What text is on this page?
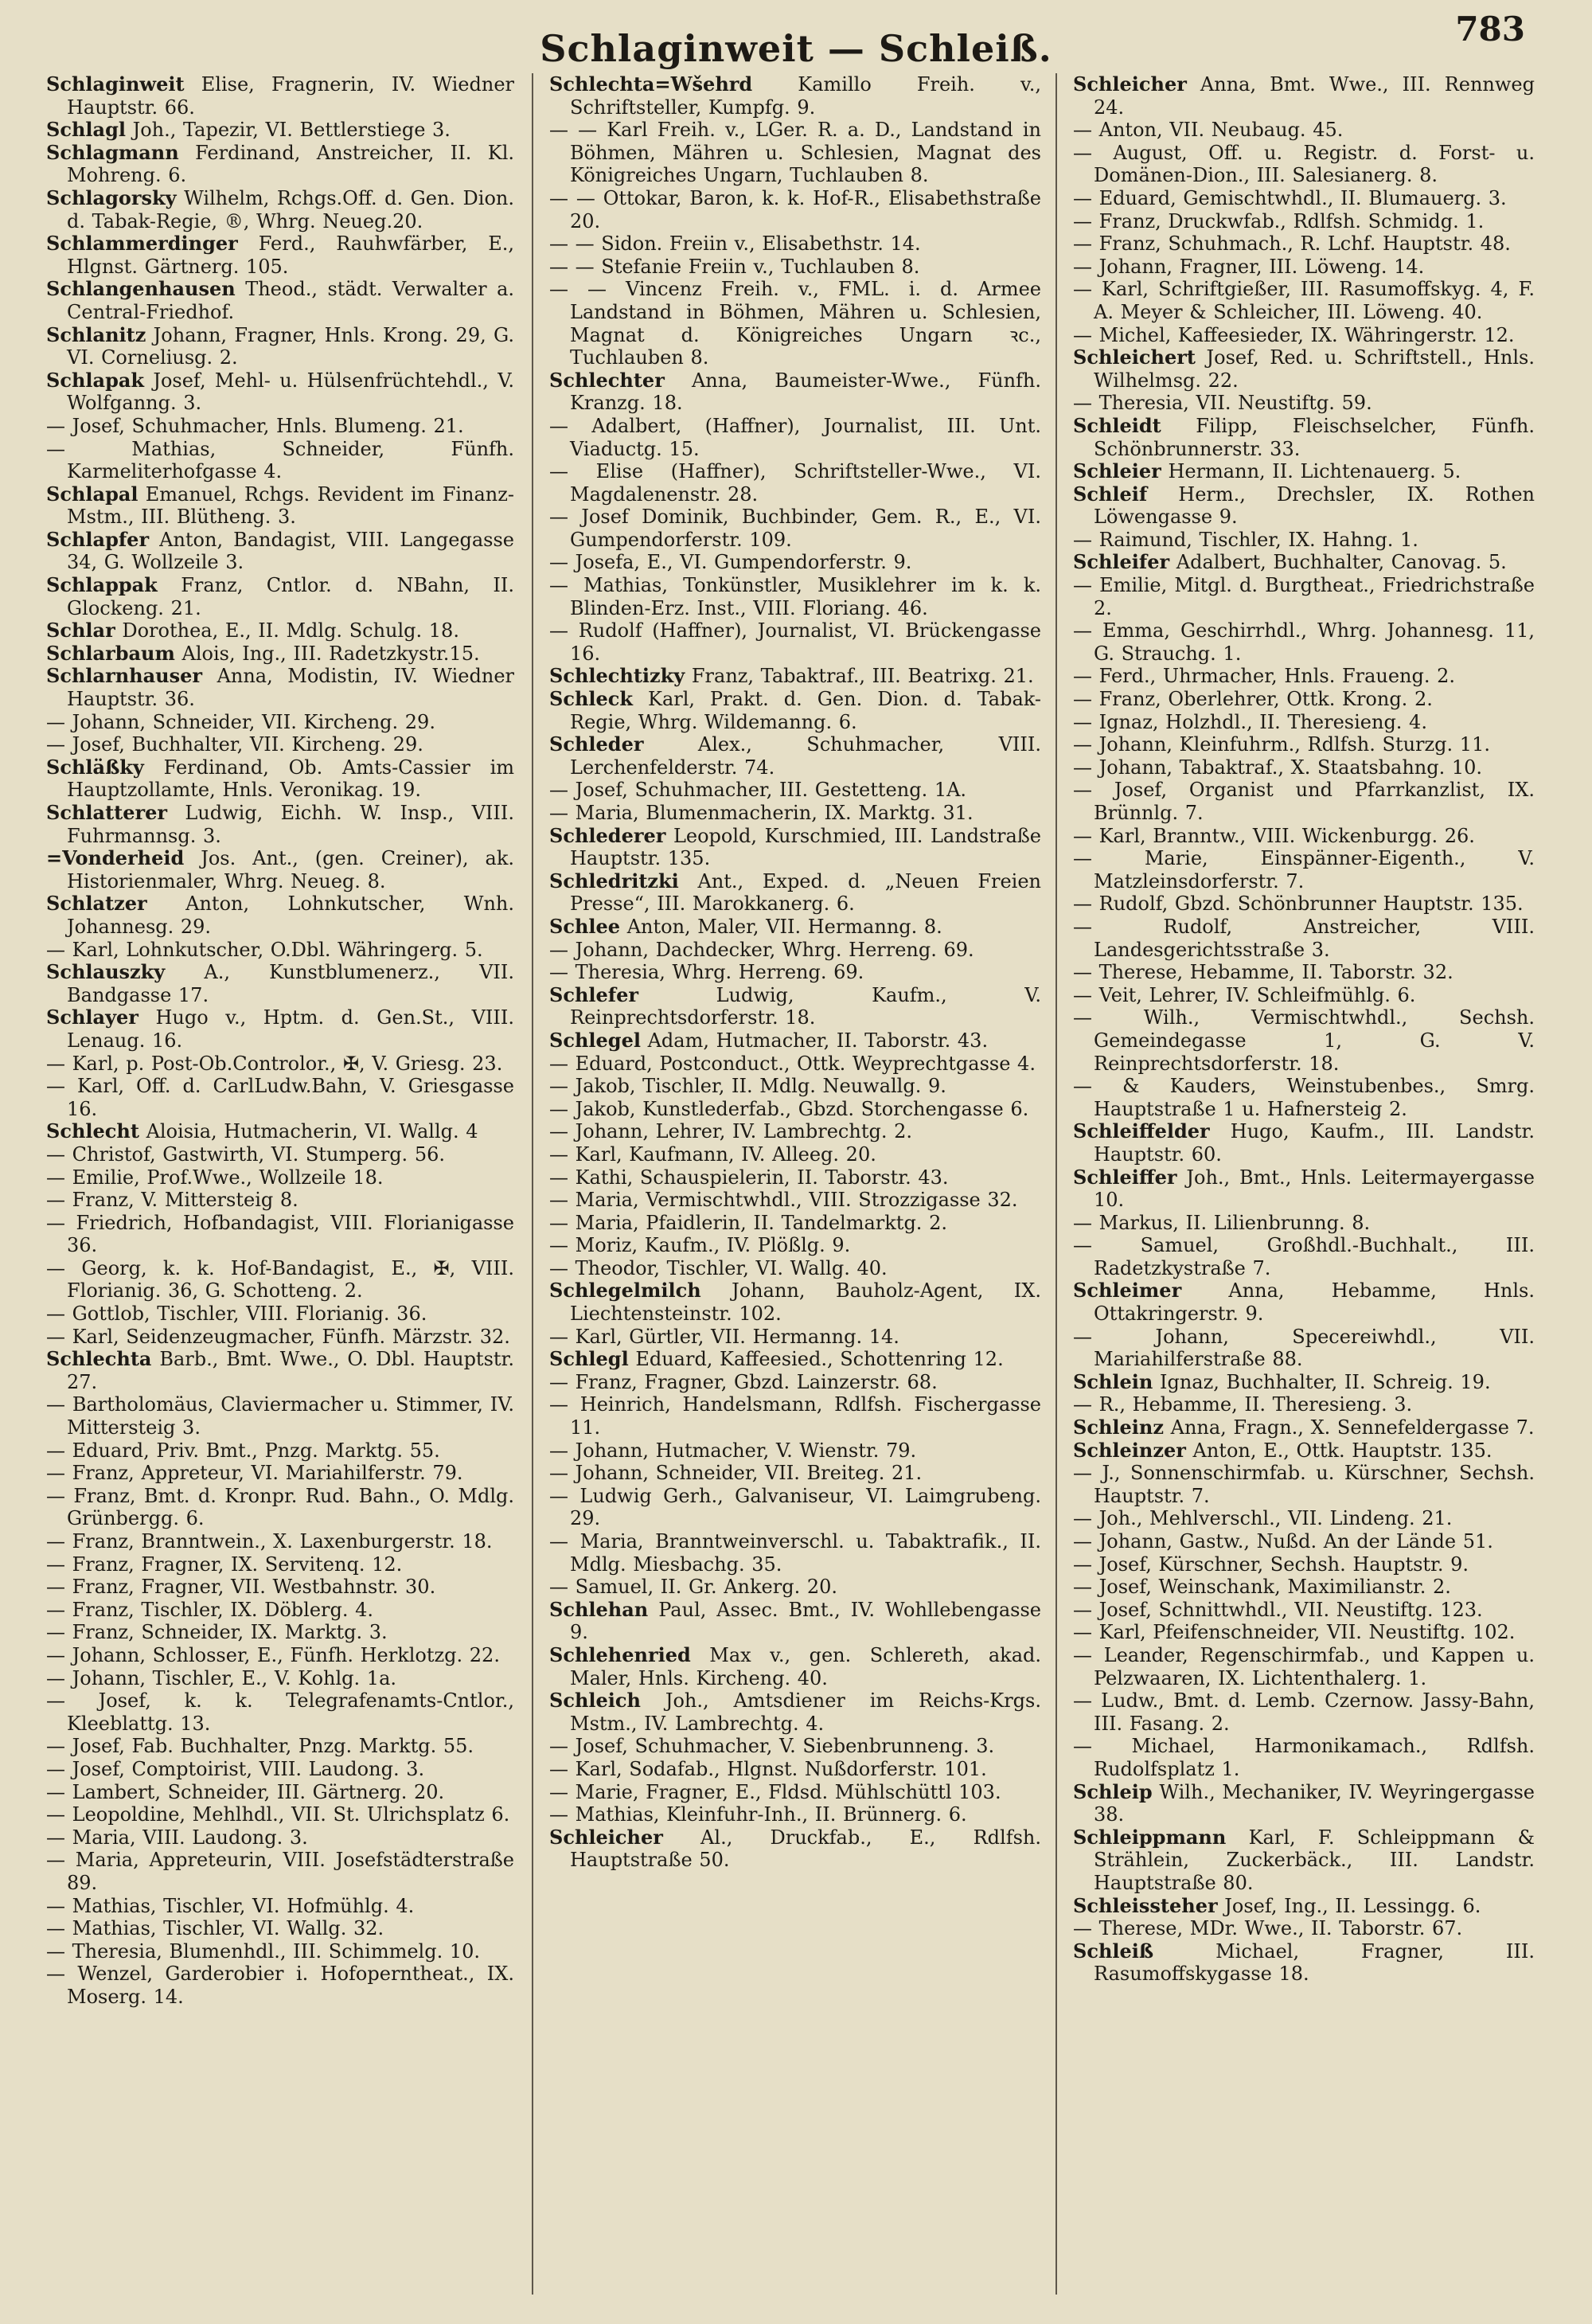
Schlaginweit — Schleiß.	783
Schlaginweit Elise, Fragnerin, IV. Wiedner Hauptstr. 66.
Schlagl Joh., Tapezir, VI. Bettlerstiege 3.
Schlagmann Ferdinand, Anstreicher, II. Kl. Mohreng. 6.
Schlagorsky Wilhelm, Rchgs.Off. d. Gen. Dion. d. Tabak-Regie, ®, Whrg. Neueg.20.
Schlammerdinger Ferd., Rauhwfärber, E., Hlgnst. Gärtnerg. 105.
Schlangenhausen Theod., städt. Verwalter a. Central-Friedhof.
Schlanitz Johann, Fragner, Hnls. Krong. 29, G. VI. Corneliusg. 2.
Schlapak Josef, Mehl- u. Hülsenfrüchtehdl., V. Wolfganng. 3.
— Josef, Schuhmacher, Hnls. Blumeng. 21.
— Mathias, Schneider, Fünfh. Karmeliterhofgasse 4.
Schlapal Emanuel, Rchgs. Revident im Finanz-Mstm., III. Blütheng. 3.
Schlapfer Anton, Bandagist, VIII. Langegasse 34, G. Wollzeile 3.
Schlappak Franz, Cntlor. d. NBahn, II. Glockeng. 21.
Schlar Dorothea, E., II. Mdlg. Schulg. 18.
Schlarbaum Alois, Ing., III. Radetzkystr.15.
Schlarnhauser Anna, Modistin, IV. Wiedner Hauptstr. 36.
— Johann, Schneider, VII. Kircheng. 29.
— Josef, Buchhalter, VII. Kircheng. 29.
Schläßky Ferdinand, Ob. Amts-Cassier im Hauptzollamte, Hnls. Veronikag. 19.
Schlatterer Ludwig, Eichh. W. Insp., VIII. Fuhrmannsg. 3.
=Vonderheid Jos. Ant., (gen. Creiner), ak. Historienmaler, Whrg. Neueg. 8.
Schlatzer Anton, Lohnkutscher, Wnh. Johannesg. 29.
— Karl, Lohnkutscher, O.Dbl. Währingerg. 5.
Schlauszky A., Kunstblumenerz., VII. Bandgasse 17.
Schlayer Hugo v., Hptm. d. Gen.St., VIII. Lenaug. 16.
— Karl, p. Post-Ob.Controlor., ✠, V. Griesg. 23.
— Karl, Off. d. CarlLudw.Bahn, V. Griesgasse 16.
Schlecht Aloisia, Hutmacherin, VI. Wallg. 4
— Christof, Gastwirth, VI. Stumperg. 56.
— Emilie, Prof.Wwe., Wollzeile 18.
— Franz, V. Mittersteig 8.
— Friedrich, Hofbandagist, VIII. Florianigasse 36.
— Georg, k. k. Hof-Bandagist, E., ✠, VIII. Florianig. 36, G. Schotteng. 2.
— Gottlob, Tischler, VIII. Florianig. 36.
— Karl, Seidenzeugmacher, Fünfh. Märzstr. 32.
Schlechta Barb., Bmt. Wwe., O. Dbl. Hauptstr. 27.
— Bartholomäus, Claviermacher u. Stimmer, IV. Mittersteig 3.
— Eduard, Priv. Bmt., Pnzg. Marktg. 55.
— Franz, Appreteur, VI. Mariahilferstr. 79.
— Franz, Bmt. d. Kronpr. Rud. Bahn., O. Mdlg. Grünbergg. 6.
— Franz, Branntwein., X. Laxenburgerstr. 18.
— Franz, Fragner, IX. Servitenq. 12.
— Franz, Fragner, VII. Westbahnstr. 30.
— Franz, Tischler, IX. Döblerg. 4.
— Franz, Schneider, IX. Marktg. 3.
— Johann, Schlosser, E., Fünfh. Herklotzg. 22.
— Johann, Tischler, E., V. Kohlg. 1a.
— Josef, k. k. Telegrafenamts-Cntlor., Kleeblattg. 13.
— Josef, Fab. Buchhalter, Pnzg. Marktg. 55.
— Josef, Comptoirist, VIII. Laudong. 3.
— Lambert, Schneider, III. Gärtnerg. 20.
— Leopoldine, Mehlhdl., VII. St. Ulrichsplatz 6.
— Maria, VIII. Laudong. 3.
— Maria, Appreteurin, VIII. Josefstädterstraße 89.
— Mathias, Tischler, VI. Hofmühlg. 4.
— Mathias, Tischler, VI. Wallg. 32.
— Theresia, Blumenhdl., III. Schimmelg. 10.
— Wenzel, Garderobier i. Hofoperntheat., IX. Moserg. 14.
Schlechta=Wšehrd Kamillo Freih. v., Schriftsteller, Kumpfg. 9.
— — Karl Freih. v., LGer. R. a. D., Landstand in Böhmen, Mähren u. Schlesien, Magnat des Königreiches Ungarn, Tuchlauben 8.
— — Ottokar, Baron, k. k. Hof-R., Elisabethstraße 20.
— — Sidon. Freiin v., Elisabethstr. 14.
— — Stefanie Freiin v., Tuchlauben 8.
— — Vincenz Freih. v., FML. i. d. Armee Landstand in Böhmen, Mähren u. Schlesien, Magnat d. Königreiches Ungarn ꝛc., Tuchlauben 8.
Schlechter Anna, Baumeister-Wwe., Fünfh. Kranzg. 18.
— Adalbert, (Haffner), Journalist, III. Unt. Viaductg. 15.
— Elise (Haffner), Schriftsteller-Wwe., VI. Magdalenenstr. 28.
— Josef Dominik, Buchbinder, Gem. R., E., VI. Gumpendorferstr. 109.
— Josefa, E., VI. Gumpendorferstr. 9.
— Mathias, Tonkünstler, Musiklehrer im k. k. Blinden-Erz. Inst., VIII. Floriang. 46.
— Rudolf (Haffner), Journalist, VI. Brückengasse 16.
Schlechtizky Franz, Tabaktraf., III. Beatrixg. 21.
Schleck Karl, Prakt. d. Gen. Dion. d. Tabak-Regie, Whrg. Wildemanng. 6.
Schleder Alex., Schuhmacher, VIII. Lerchenfelderstr. 74.
— Josef, Schuhmacher, III. Gestetteng. 1A.
— Maria, Blumenmacherin, IX. Marktg. 31.
Schlederer Leopold, Kurschmied, III. Landstraße Hauptstr. 135.
Schledritzki Ant., Exped. d. „Neuen Freien Presse“, III. Marokkanerg. 6.
Schlee Anton, Maler, VII. Hermanng. 8.
— Johann, Dachdecker, Whrg. Herreng. 69.
— Theresia, Whrg. Herreng. 69.
Schlefer Ludwig, Kaufm., V. Reinprechtsdorferstr. 18.
Schlegel Adam, Hutmacher, II. Taborstr. 43.
— Eduard, Postconduct., Ottk. Weyprechtgasse 4.
— Jakob, Tischler, II. Mdlg. Neuwallg. 9.
— Jakob, Kunstlederfab., Gbzd. Storchengasse 6.
— Johann, Lehrer, IV. Lambrechtg. 2.
— Karl, Kaufmann, IV. Alleeg. 20.
— Kathi, Schauspielerin, II. Taborstr. 43.
— Maria, Vermischtwhdl., VIII. Strozzigasse 32.
— Maria, Pfaidlerin, II. Tandelmarktg. 2.
— Moriz, Kaufm., IV. Plößlg. 9.
— Theodor, Tischler, VI. Wallg. 40.
Schlegelmilch Johann, Bauholz-Agent, IX. Liechtensteinstr. 102.
— Karl, Gürtler, VII. Hermanng. 14.
Schlegl Eduard, Kaffeesied., Schottenring 12.
— Franz, Fragner, Gbzd. Lainzerstr. 68.
— Heinrich, Handelsmann, Rdlfsh. Fischergasse 11.
— Johann, Hutmacher, V. Wienstr. 79.
— Johann, Schneider, VII. Breiteg. 21.
— Ludwig Gerh., Galvaniseur, VI. Laimgrubeng. 29.
— Maria, Branntweinverschl. u. Tabaktrafik., II. Mdlg. Miesbachg. 35.
— Samuel, II. Gr. Ankerg. 20.
Schlehan Paul, Assec. Bmt., IV. Wohllebengasse 9.
Schlehenried Max v., gen. Schlereth, akad. Maler, Hnls. Kircheng. 40.
Schleich Joh., Amtsdiener im Reichs-Krgs. Mstm., IV. Lambrechtg. 4.
— Josef, Schuhmacher, V. Siebenbrunneng. 3.
— Karl, Sodafab., Hlgnst. Nußdorferstr. 101.
— Marie, Fragner, E., Fldsd. Mühlschüttl 103.
— Mathias, Kleinfuhr-Inh., II. Brünnerg. 6.
Schleicher Al., Druckfab., E., Rdlfsh. Hauptstraße 50.
Schleicher Anna, Bmt. Wwe., III. Rennweg 24.
— Anton, VII. Neubaug. 45.
— August, Off. u. Registr. d. Forst- u. Domänen-Dion., III. Salesianerg. 8.
— Eduard, Gemischtwhdl., II. Blumauerg. 3.
— Franz, Druckwfab., Rdlfsh. Schmidg. 1.
— Franz, Schuhmach., R. Lchf. Hauptstr. 48.
— Johann, Fragner, III. Löweng. 14.
— Karl, Schriftgießer, III. Rasumoffskyg. 4, F. A. Meyer & Schleicher, III. Löweng. 40.
— Michel, Kaffeesieder, IX. Währingerstr. 12.
Schleichert Josef, Red. u. Schriftstell., Hnls. Wilhelmsg. 22.
— Theresia, VII. Neustiftg. 59.
Schleidt Filipp, Fleischselcher, Fünfh. Schönbrunnerstr. 33.
Schleier Hermann, II. Lichtenauerg. 5.
Schleif Herm., Drechsler, IX. Rothen Löwengasse 9.
— Raimund, Tischler, IX. Hahng. 1.
Schleifer Adalbert, Buchhalter, Canovag. 5.
— Emilie, Mitgl. d. Burgtheat., Friedrichstraße 2.
— Emma, Geschirrhdl., Whrg. Johannesg. 11, G. Strauchg. 1.
— Ferd., Uhrmacher, Hnls. Fraueng. 2.
— Franz, Oberlehrer, Ottk. Krong. 2.
— Ignaz, Holzhdl., II. Theresieng. 4.
— Johann, Kleinfuhrm., Rdlfsh. Sturzg. 11.
— Johann, Tabaktraf., X. Staatsbahng. 10.
— Josef, Organist und Pfarrkanzlist, IX. Brünnlg. 7.
— Karl, Branntw., VIII. Wickenburgg. 26.
— Marie, Einspänner-Eigenth., V. Matzleinsdorferstr. 7.
— Rudolf, Gbzd. Schönbrunner Hauptstr. 135.
— Rudolf, Anstreicher, VIII. Landesgerichtsstraße 3.
— Therese, Hebamme, II. Taborstr. 32.
— Veit, Lehrer, IV. Schleifmühlg. 6.
— Wilh., Vermischtwhdl., Sechsh. Gemeindegasse 1, G. V. Reinprechtsdorferstr. 18.
— & Kauders, Weinstubenbes., Smrg. Hauptstraße 1 u. Hafnersteig 2.
Schleiffelder Hugo, Kaufm., III. Landstr. Hauptstr. 60.
Schleiffer Joh., Bmt., Hnls. Leitermayergasse 10.
— Markus, II. Lilienbrunng. 8.
— Samuel, Großhdl.-Buchhalt., III. Radetzkystraße 7.
Schleimer Anna, Hebamme, Hnls. Ottakringerstr. 9.
— Johann, Specereiwhdl., VII. Mariahilferstraße 88.
Schlein Ignaz, Buchhalter, II. Schreig. 19.
— R., Hebamme, II. Theresieng. 3.
Schleinz Anna, Fragn., X. Sennefeldergasse 7.
Schleinzer Anton, E., Ottk. Hauptstr. 135.
— J., Sonnenschirmfab. u. Kürschner, Sechsh. Hauptstr. 7.
— Joh., Mehlverschl., VII. Lindeng. 21.
— Johann, Gastw., Nußd. An der Lände 51.
— Josef, Kürschner, Sechsh. Hauptstr. 9.
— Josef, Weinschank, Maximilianstr. 2.
— Josef, Schnittwhdl., VII. Neustiftg. 123.
— Karl, Pfeifenschneider, VII. Neustiftg. 102.
— Leander, Regenschirmfab., und Kappen u. Pelzwaaren, IX. Lichtenthalerg. 1.
— Ludw., Bmt. d. Lemb. Czernow. Jassy-Bahn, III. Fasang. 2.
— Michael, Harmonikamach., Rdlfsh. Rudolfsplatz 1.
Schleip Wilh., Mechaniker, IV. Weyringergasse 38.
Schleippmann Karl, F. Schleippmann & Strählein, Zuckerbäck., III. Landstr. Hauptstraße 80.
Schleissteher Josef, Ing., II. Lessingg. 6.
— Therese, MDr. Wwe., II. Taborstr. 67.
Schleiß Michael, Fragner, III. Rasumoffskygasse 18.
